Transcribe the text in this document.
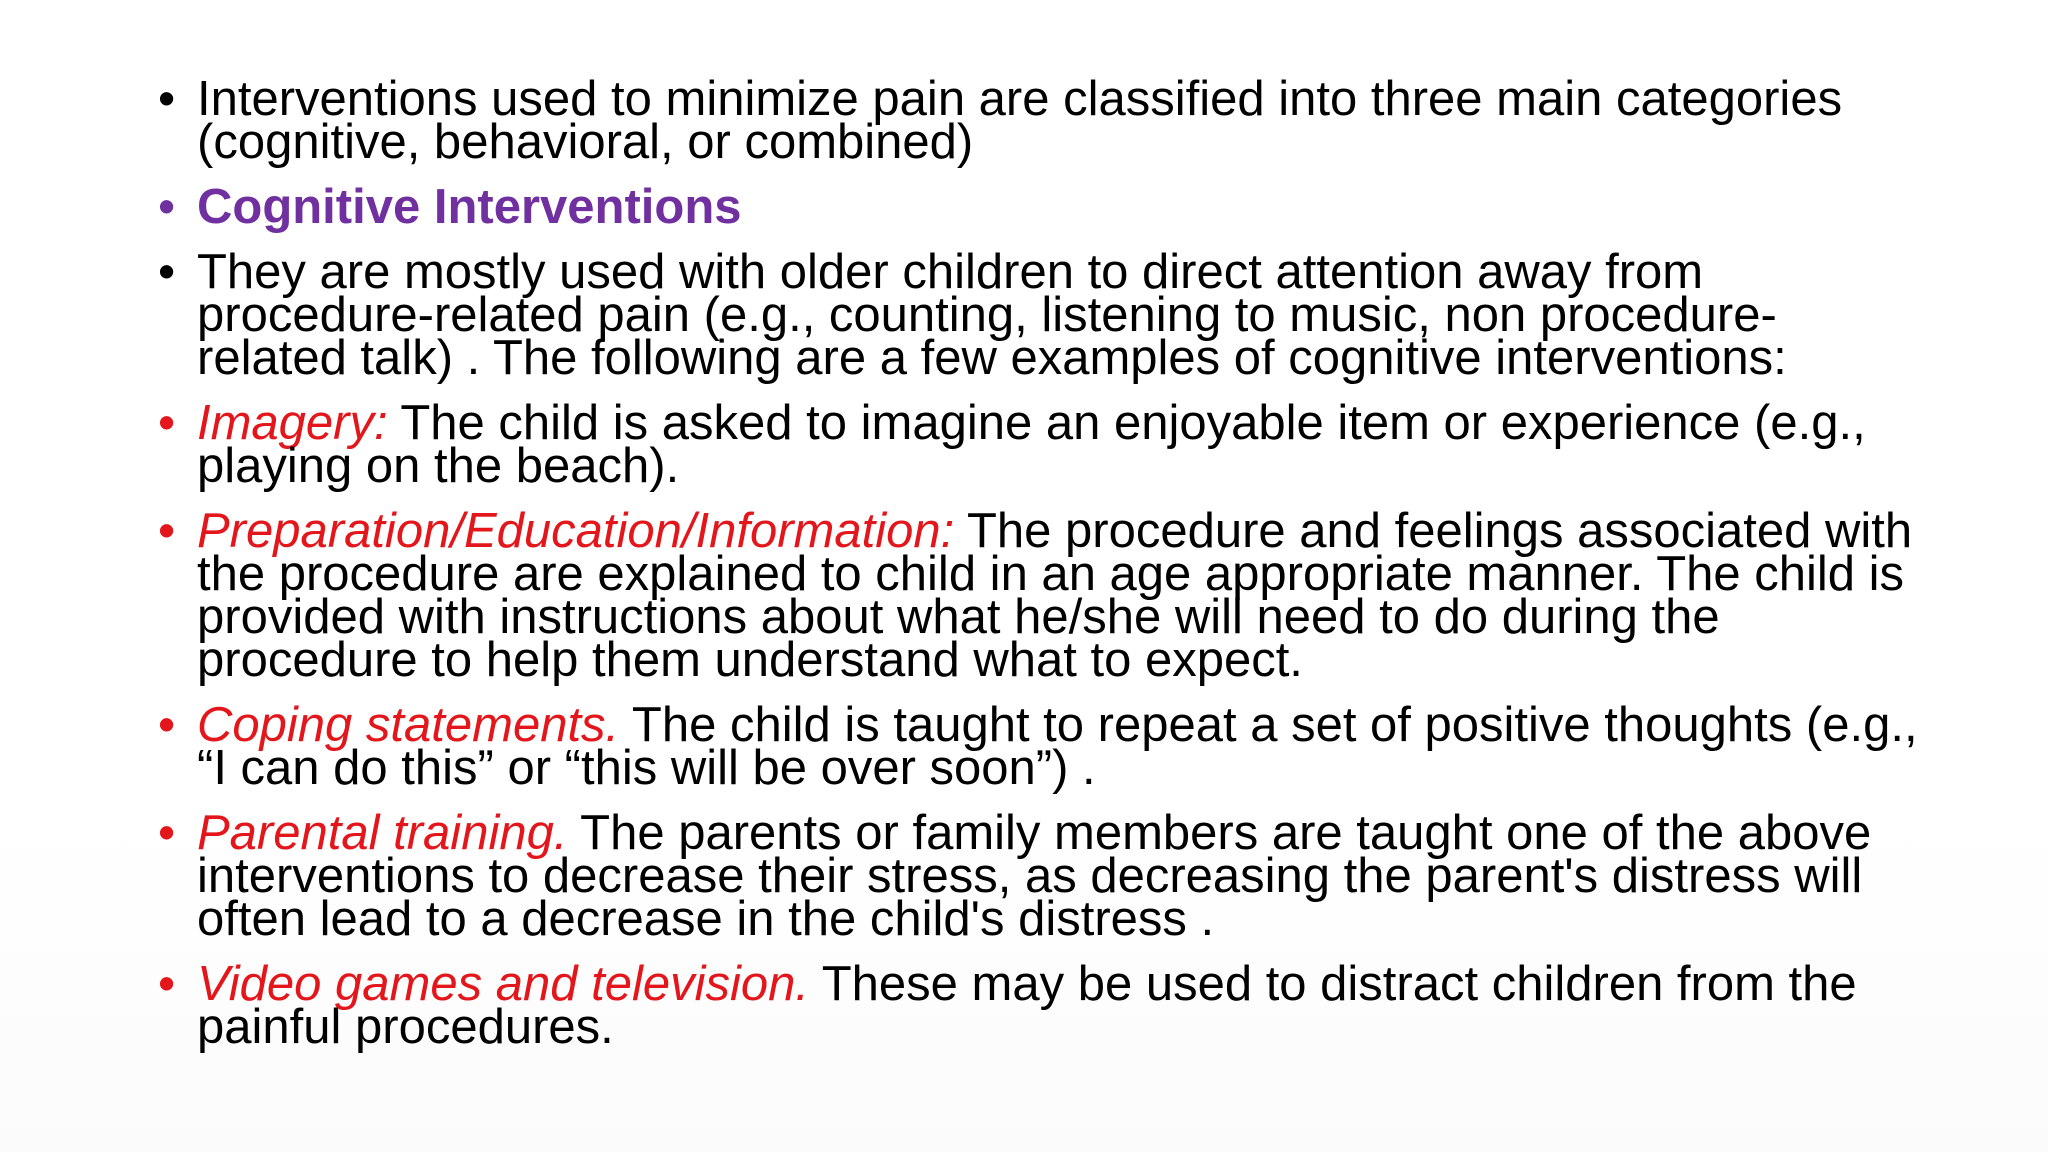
• Interventions used to minimize pain are classified into three main categories (cognitive, behavioral, or combined)
• Cognitive Interventions
• They are mostly used with older children to direct attention away from procedure-related pain (e.g., counting, listening to music, non procedure-related talk) . The following are a few examples of cognitive interventions:
• Imagery: The child is asked to imagine an enjoyable item or experience (e.g., playing on the beach).
• Preparation/Education/Information: The procedure and feelings associated with the procedure are explained to child in an age appropriate manner. The child is provided with instructions about what he/she will need to do during the procedure to help them understand what to expect.
• Coping statements. The child is taught to repeat a set of positive thoughts (e.g., “I can do this” or “this will be over soon”) .
• Parental training. The parents or family members are taught one of the above interventions to decrease their stress, as decreasing the parent's distress will often lead to a decrease in the child's distress .
• Video games and television. These may be used to distract children from the painful procedures.
